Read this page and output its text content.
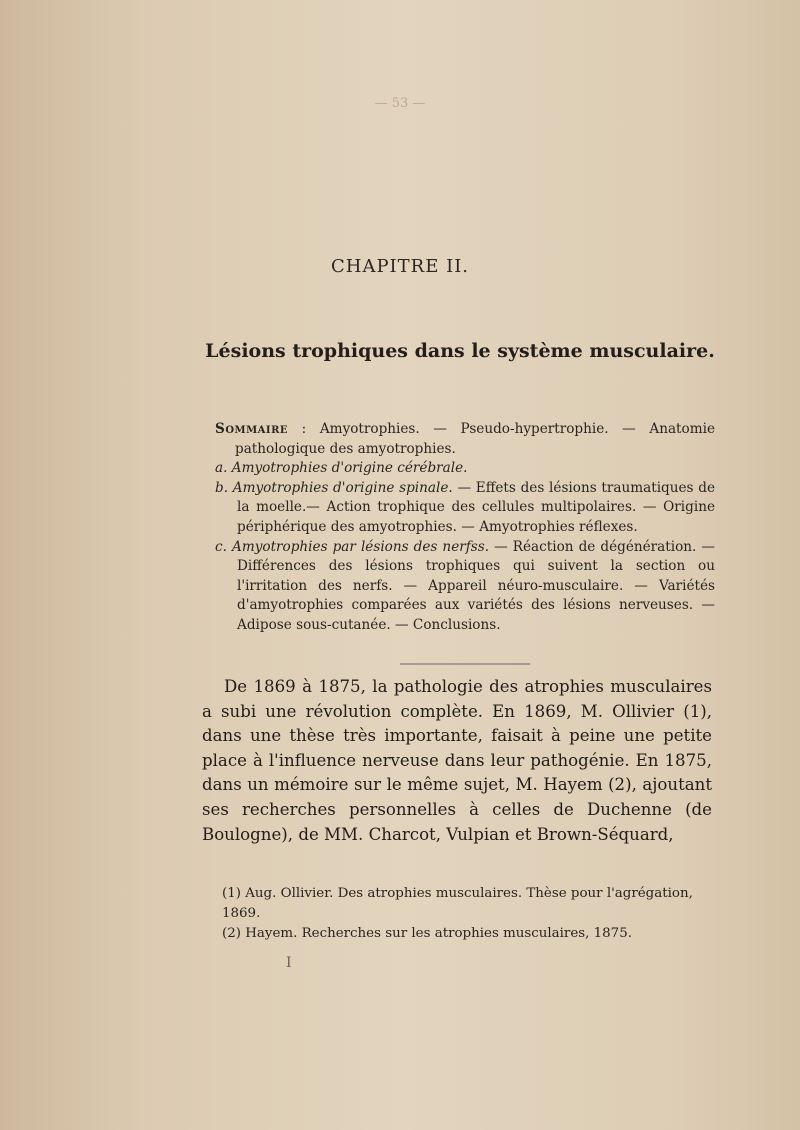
— 53 —
CHAPITRE II.
Lésions trophiques dans le système musculaire.

Sommaire : Amyotrophies. — Pseudo-hypertrophie. — Anatomie pathologique des amyotrophies.

a. Amyotrophies d'origine cérébrale.

b. Amyotrophies d'origine spinale. — Effets des lésions traumatiques de la moelle.— Action trophique des cellules multipolaires. — Origine périphérique des amyotrophies. — Amyotrophies réflexes.

c. Amyotrophies par lésions des nerfss. — Réaction de dégénération. — Différences des lésions trophiques qui suivent la section ou l'irritation des nerfs. — Appareil néuro-musculaire. — Variétés d'amyotrophies comparées aux variétés des lésions nerveuses. — Adipose sous-cutanée. — Conclusions.

De 1869 à 1875, la pathologie des atrophies musculaires a subi une révolution complète. En 1869, M. Ollivier (1), dans une thèse très importante, faisait à peine une petite place à l'influence nerveuse dans leur pathogénie. En 1875, dans un mémoire sur le même sujet, M. Hayem (2), ajoutant ses recherches personnelles à celles de Duchenne (de Boulogne), de MM. Charcot, Vulpian et Brown-Séquard,

(1) Aug. Ollivier. Des atrophies musculaires. Thèse pour l'agrégation, 1869.

(2) Hayem. Recherches sur les atrophies musculaires, 1875.

I
